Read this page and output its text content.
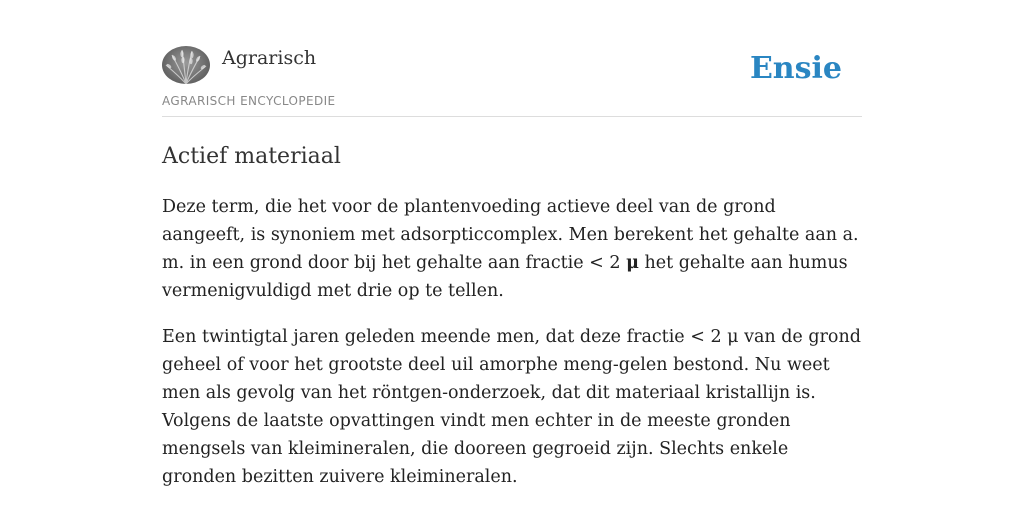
Agrarisch
AGRARISCH ENCYCLOPEDIE
Ensie
Actief materiaal

Deze term, die het voor de plantenvoeding actieve deel van de grond aangeeft, is synoniem met adsorpticcomplex. Men berekent het gehalte aan a. m. in een grond door bij het gehalte aan fractie < 2 μ het gehalte aan humus vermenigvuldigd met drie op te tellen.

Een twintigtal jaren geleden meende men, dat deze fractie < 2 μ van de grond geheel of voor het grootste deel uil amorphe meng-gelen bestond. Nu weet men als gevolg van het röntgen-onderzoek, dat dit materiaal kristallijn is. Volgens de laatste opvattingen vindt men echter in de meeste gronden mengsels van kleimineralen, die dooreen gegroeid zijn. Slechts enkele gronden bezitten zuivere kleimineralen.
